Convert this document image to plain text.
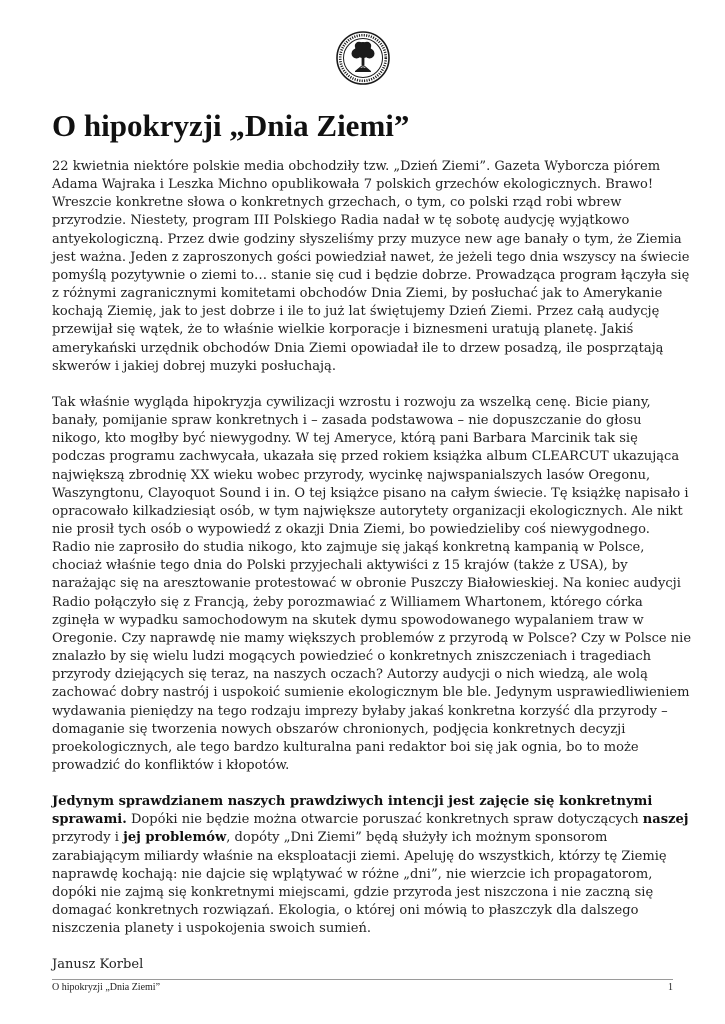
O hipokryzji „Dnia Ziemi”

22 kwietnia niektóre polskie media obchodziły tzw. „Dzień Ziemi”. Gazeta Wyborcza piórem Adama Wajraka i Leszka Michno opublikowała 7 polskich grzechów ekologicznych. Brawo! Wreszcie konkretne słowa o konkretnych grzechach, o tym, co polski rząd robi wbrew przyrodzie. Niestety, program III Polskiego Radia nadał w tę sobotę audycję wyjątkowo antyekologiczną. Przez dwie godziny słyszeliśmy przy muzyce new age banały o tym, że Ziemia jest ważna. Jeden z zaproszonych gości powiedział nawet, że jeżeli tego dnia wszyscy na świecie pomyślą pozytywnie o ziemi to… stanie się cud i będzie dobrze. Prowadząca program łączyła się z różnymi zagranicznymi komitetami obchodów Dnia Ziemi, by posłuchać jak to Amerykanie kochają Ziemię, jak to jest dobrze i ile to już lat świętujemy Dzień Ziemi. Przez całą audycję przewijał się wątek, że to właśnie wielkie korporacje i biznesmeni uratują planetę. Jakiś amerykański urzędnik obchodów Dnia Ziemi opowiadał ile to drzew posadzą, ile posprzątają skwerów i jakiej dobrej muzyki posłuchają.

Tak właśnie wygląda hipokryzja cywilizacji wzrostu i rozwoju za wszelką cenę. Bicie piany, banały, pomijanie spraw konkretnych i – zasada podstawowa – nie dopuszczanie do głosu nikogo, kto mogłby być niewygodny. W tej Ameryce, którą pani Barbara Marcinik tak się podczas programu zachwycała, ukazała się przed rokiem książka album CLEARCUT ukazująca największą zbrodnię XX wieku wobec przyrody, wycinkę najwspanialszych lasów Oregonu, Waszyngtonu, Clayoquot Sound i in. O tej książce pisano na całym świecie. Tę książkę napisało i opracowało kilkadziesiąt osób, w tym największe autorytety organizacji ekologicznych. Ale nikt nie prosił tych osób o wypowiedź z okazji Dnia Ziemi, bo powiedzieliby coś niewygodnego. Radio nie zaprosiło do studia nikogo, kto zajmuje się jakąś konkretną kampanią w Polsce, chociaż właśnie tego dnia do Polski przyjechali aktywiści z 15 krajów (także z USA), by narażając się na aresztowanie protestować w obronie Puszczy Białowieskiej. Na koniec audycji Radio połączyło się z Francją, żeby porozmawiać z Williamem Whartonem, którego córka zginęła w wypadku samochodowym na skutek dymu spowodowanego wypalaniem traw w Oregonie. Czy naprawdę nie mamy większych problemów z przyrodą w Polsce? Czy w Polsce nie znalazło by się wielu ludzi mogących powiedzieć o konkretnych zniszczeniach i tragediach przyrody dziejących się teraz, na naszych oczach? Autorzy audycji o nich wiedzą, ale wolą zachować dobry nastrój i uspokoić sumienie ekologicznym ble ble. Jedynym usprawiedliwieniem wydawania pieniędzy na tego rodzaju imprezy byłaby jakaś konkretna korzyść dla przyrody – domaganie się tworzenia nowych obszarów chronionych, podjęcia konkretnych decyzji proekologicznych, ale tego bardzo kulturalna pani redaktor boi się jak ognia, bo to może prowadzić do konfliktów i kłopotów.

Jedynym sprawdzianem naszych prawdziwych intencji jest zajęcie się konkretnymi sprawami. Dopóki nie będzie można otwarcie poruszać konkretnych spraw dotyczących naszej przyrody i jej problemów, dopóty „Dni Ziemi” będą służyły ich możnym sponsorom zarabiającym miliardy właśnie na eksploatacji ziemi. Apeluję do wszystkich, którzy tę Ziemię naprawdę kochają: nie dajcie się wplątywać w różne „dni”, nie wierzcie ich propagatorom, dopóki nie zajmą się konkretnymi miejscami, gdzie przyroda jest niszczona i nie zaczną się domagać konkretnych rozwiązań. Ekologia, o której oni mówią to płaszczyk dla dalszego niszczenia planety i uspokojenia swoich sumień.

Janusz Korbel

O hipokryzji „Dnia Ziemi”	1
